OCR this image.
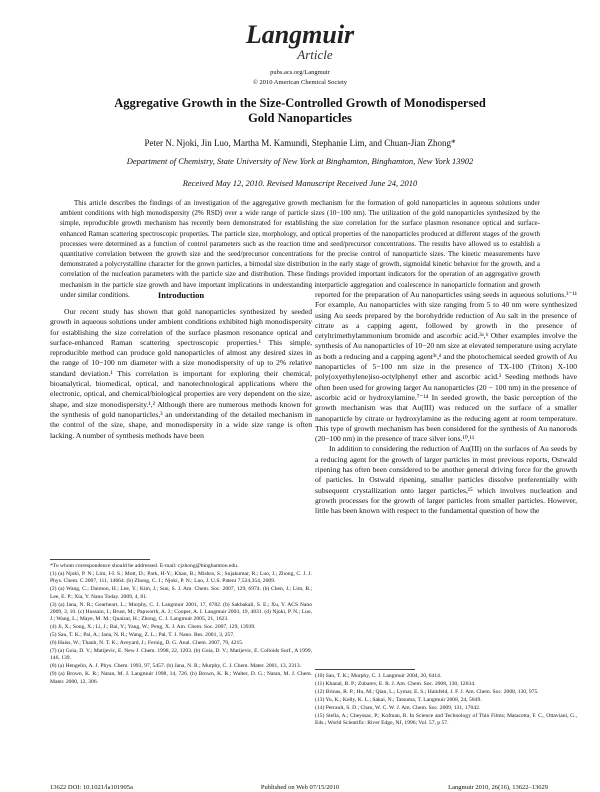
Langmuir
Article
pubs.acs.org/Langmuir
© 2010 American Chemical Society
Aggregative Growth in the Size-Controlled Growth of Monodispersed
Gold Nanoparticles
Peter N. Njoki, Jin Luo, Martha M. Kamundi, Stephanie Lim, and Chuan-Jian Zhong*
Department of Chemistry, State University of New York at Binghamton, Binghamton, New York 13902
Received May 12, 2010. Revised Manuscript Received June 24, 2010

This article describes the findings of an investigation of the aggregative growth mechanism for the formation of gold nanoparticles in aqueous solutions under ambient conditions with high monodispersity (2% RSD) over a wide range of particle sizes (10−100 nm). The utilization of the gold nanoparticles synthesized by the simple, reproducible growth mechanism has recently been demonstrated for establishing the size correlation for the surface plasmon resonance optical and surface-enhanced Raman scattering spectroscopic properties. The particle size, morphology, and optical properties of the nanoparticles produced at different stages of the growth processes were determined as a function of control parameters such as the reaction time and seed/precursor concentrations. The results have allowed us to establish a quantitative correlation between the growth size and the seed/precursor concentrations for the precise control of nanoparticle sizes. The kinetic measurements have demonstrated a polycrystalline character for the grown particles, a bimodal size distribution in the early stage of growth, sigmoidal kinetic behavior for the growth, and a correlation of the nucleation parameters with the particle size and distribution. These findings provided important indicators for the operation of an aggregative growth mechanism in the particle size growth and have important implications in understanding interparticle aggregation and coalescence in nanoparticle formation and growth under similar conditions.	Introduction

Our recent study has shown that gold nanoparticles synthesized by seeded growth in aqueous solutions under ambient conditions exhibited high monodispersity for establishing the size correlation of the surface plasmon resonance optical and surface-enhanced Raman scattering spectroscopic properties.¹ This simple, reproducible method can produce gold nanoparticles of almost any desired sizes in the range of 10−100 nm diameter with a size monodispersity of up to 2% relative standard deviation.¹ This correlation is important for exploring their chemical, bioanalytical, biomedical, optical, and nanotechnological applications where the electronic, optical, and chemical/biological properties are very dependent on the size, shape, and size monodispersity.¹,² Although there are numerous methods known for the synthesis of gold nanoparticles,³ an understanding of the detailed mechanism in the control of the size, shape, and monodispersity in a wide size range is often lacking. A number of synthesis methods have been

reported for the preparation of Au nanoparticles using seeds in aqueous solutions.³⁻¹¹ For example, Au nanoparticles with size ranging from 5 to 40 nm were synthesized using Au seeds prepared by the borohydride reduction of Au salt in the presence of citrate as a capping agent, followed by growth in the presence of cetyltrimethylammonium bromide and ascorbic acid.³ᵃ,ᵇ Other examples involve the synthesis of Au nanoparticles of 10−20 nm size at elevated temperature using acrylate as both a reducing and a capping agent³ᶜ,ᵈ and the photochemical seeded growth of Au nanoparticles of 5−100 nm size in the presence of TX-100 (Triton) X-100 poly(oxyethylene)iso-octylphenyl ether and ascorbic acid.³ Seeding methods have often been used for growing larger Au nanoparticles (20 − 100 nm) in the presence of ascorbic acid or hydroxylamine.⁷⁻¹⁴ In seeded growth, the basic perception of the growth mechanism was that Au(III) was reduced on the surface of a smaller nanoparticle by citrate or hydroxylamine as the reducing agent at room temperature. This type of growth mechanism has been considered for the synthesis of Au nanorods (20−100 nm) in the presence of trace silver ions.¹⁰,¹¹

In addition to considering the reduction of Au(III) on the surfaces of Au seeds by a reducing agent for the growth of larger particles in most previous reports, Ostwald ripening has often been considered to be another general driving force for the growth of particles. In Ostwald ripening, smaller particles dissolve preferentially with subsequent crystallization onto larger particles,¹⁵ which involves nucleation and growth processes for the growth of larger particles from smaller particles. However, little has been known with respect to the fundamental question of how the

*To whom correspondence should be addressed. E-mail: cjzhong@binghamton.edu.

(1) (a) Njoki, P. N.; Lim, I-I. S.; Mott, D.; Park, H-Y.; Khan, B.; Mishra, S.; Sujakumar, R.; Luo, J.; Zhong, C. J. J. Phys. Chem. C 2007, 111, 14664. (b) Zhong, C. J.; Njoki, P. N.; Luo, J. U.S. Patent 7,524,354, 2009.

(2) (a) Wang, C.; Daimon, H.; Lee, Y.; Kim, J.; Sun, S. J. Am. Chem. Soc. 2007, 129, 6974. (b) Chen, J.; Lim, B.; Lee, E. P.; Xia, Y. Nano Today. 2009, 4, 81.

(3) (a) Jana, N. R.; Gearheart, L.; Murphy, C. J. Langmuir 2001, 17, 6782. (b) Sakbakali, S. E.; Xu, Y. ACS Nano 2009, 3, 10. (c) Hussain, I.; Brust, M.; Papworth, A. J.; Cooper, A. I. Langmuir 2003, 19, 4831. (d) Njoki, P. N.; Luo, J.; Wang, L.; Maye, M. M.; Quaizar, H.; Zhong, C. J. Langmuir 2005, 21, 1623.

(4) Ji, X.; Song, X.; Li, J.; Bai, Y.; Yang, W.; Peng, X. J. Am. Chem. Soc. 2007, 129, 13939.

(5) Sau, T. K.; Pal, A.; Jana, N. R.; Wang, Z. L.; Pal, T. J. Nano. Res. 2001, 3, 257.

(6) Haiss, W.; Thanh, N. T. K.; Aveyard, J.; Fernig, D. G. Anal. Chem. 2007, 79, 4215.

(7) (a) Goia, D. V.; Matijevic, E. New J. Chem. 1998, 22, 1203. (b) Goia, D. V.; Matijevic, E. Colloids Surf., A 1999, 146, 139.

(8) (a) Hengelin, A. J. Phys. Chem. 1993, 97, 5457. (b) Jana, N. R.; Murphy, C. J. Chem. Mater. 2001, 13, 2313.

(9) (a) Brown, K. R.; Natan, M. J. Langmuir 1998, 14, 726. (b) Brown, K. R.; Walter, D. G.; Natan, M. J. Chem. Mater. 2000, 12, 306.

(10) Sau, T. K.; Murphy, C. J. Langmuir 2004, 20, 6414.

(11) Khanal, B. P.; Zubarev, E. R. J. Am. Chem. Soc. 2008, 130, 12634.

(12) Brinas, R. P.; Hu, M.; Qian, L.; Lymar, E. S.; Hainfeld, J. F. J. Am. Chem. Soc. 2008, 130, 975.

(13) Yu, K.; Kelly, K. L.; Sakai, N.; Tatsuma, T. Langmuir 2008, 24, 5849.

(14) Perrault, S. D.; Chan, W. C. W. J. Am. Chem. Soc. 2009, 131, 17042.

(15) Stella, A.; Cheyssac, P.; Kofman, R. In Science and Technology of Thin Films; Matacotta, F. C., Ottaviani, G., Eds.; World Scientific: River Edge, NJ, 1996; Vol. 57, p 57.

13622 DOI: 10.1021/la101905a	Published on Web 07/15/2010	Langmuir 2010, 26(16), 13622–13629
